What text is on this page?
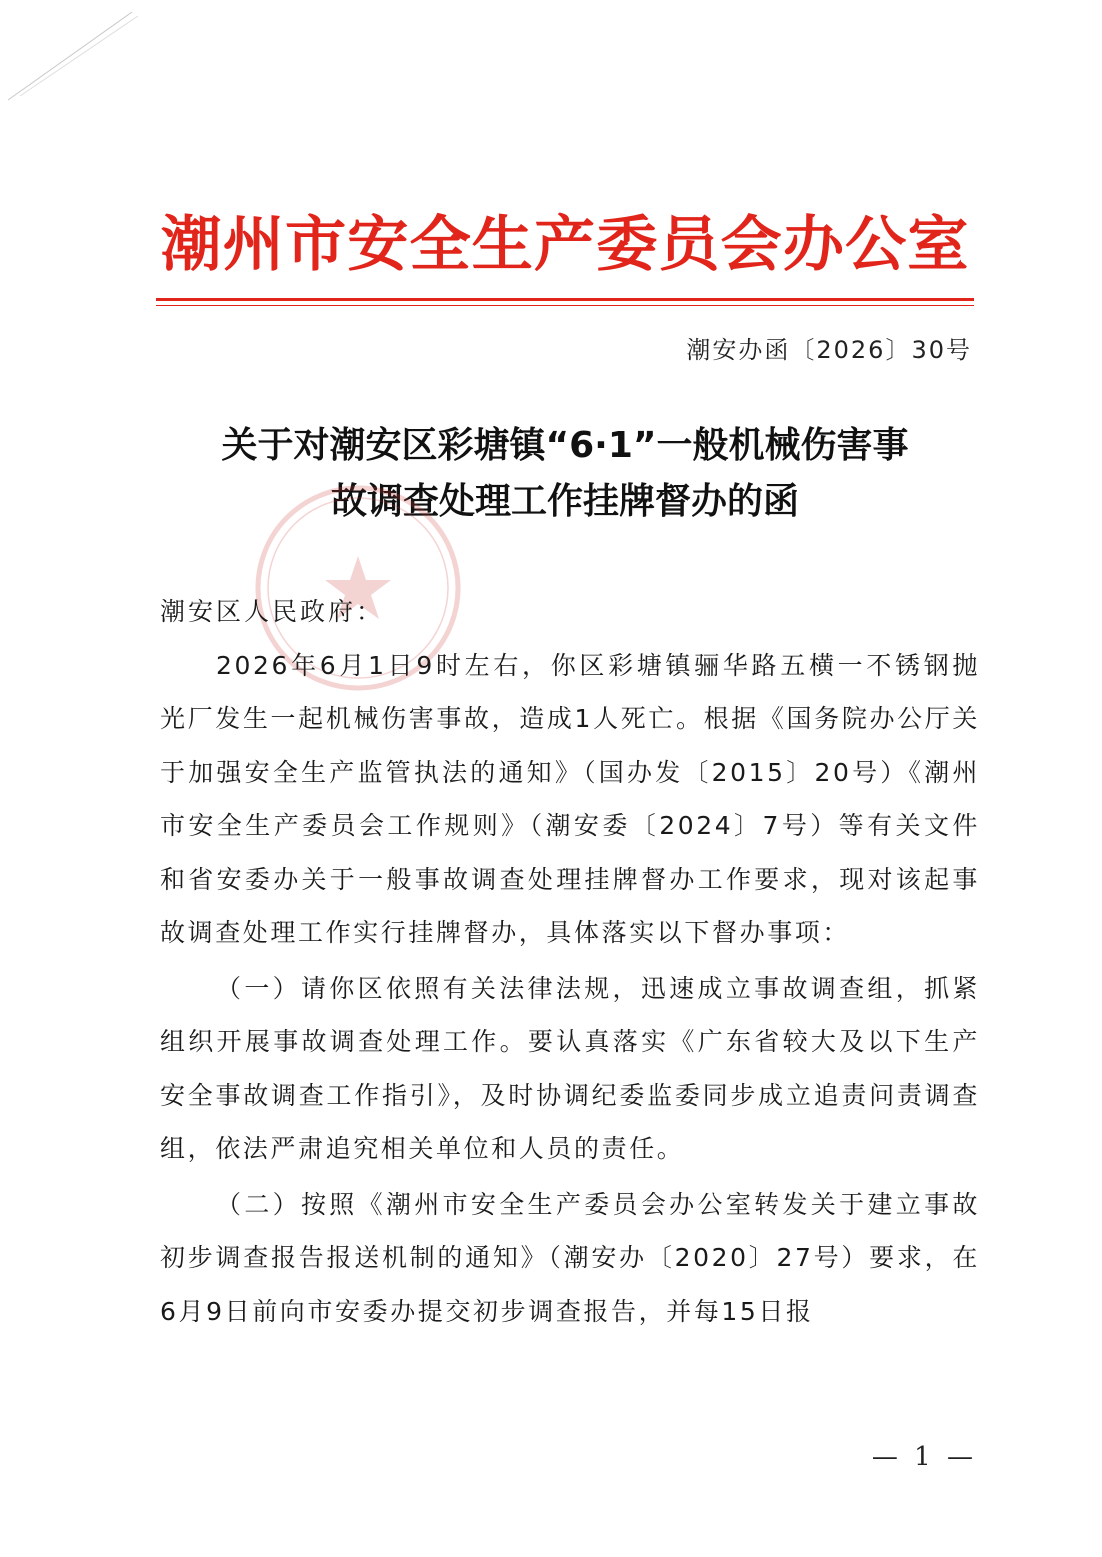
潮州市安全生产委员会办公室
潮安办函〔2026〕30号
关于对潮安区彩塘镇“6·1”一般机械伤害事
故调查处理工作挂牌督办的函

潮安区人民政府：

2026年6月1日9时左右，你区彩塘镇骊华路五横一不锈钢抛光厂发生一起机械伤害事故，造成1人死亡。根据《国务院办公厅关于加强安全生产监管执法的通知》（国办发〔2015〕20号）《潮州市安全生产委员会工作规则》（潮安委〔2024〕7号）等有关文件和省安委办关于一般事故调查处理挂牌督办工作要求，现对该起事故调查处理工作实行挂牌督办，具体落实以下督办事项：

（一）请你区依照有关法律法规，迅速成立事故调查组，抓紧组织开展事故调查处理工作。要认真落实《广东省较大及以下生产安全事故调查工作指引》，及时协调纪委监委同步成立追责问责调查组，依法严肃追究相关单位和人员的责任。

（二）按照《潮州市安全生产委员会办公室转发关于建立事故初步调查报告报送机制的通知》（潮安办〔2020〕27号）要求，在6月9日前向市安委办提交初步调查报告，并每15日报

— 1 —
